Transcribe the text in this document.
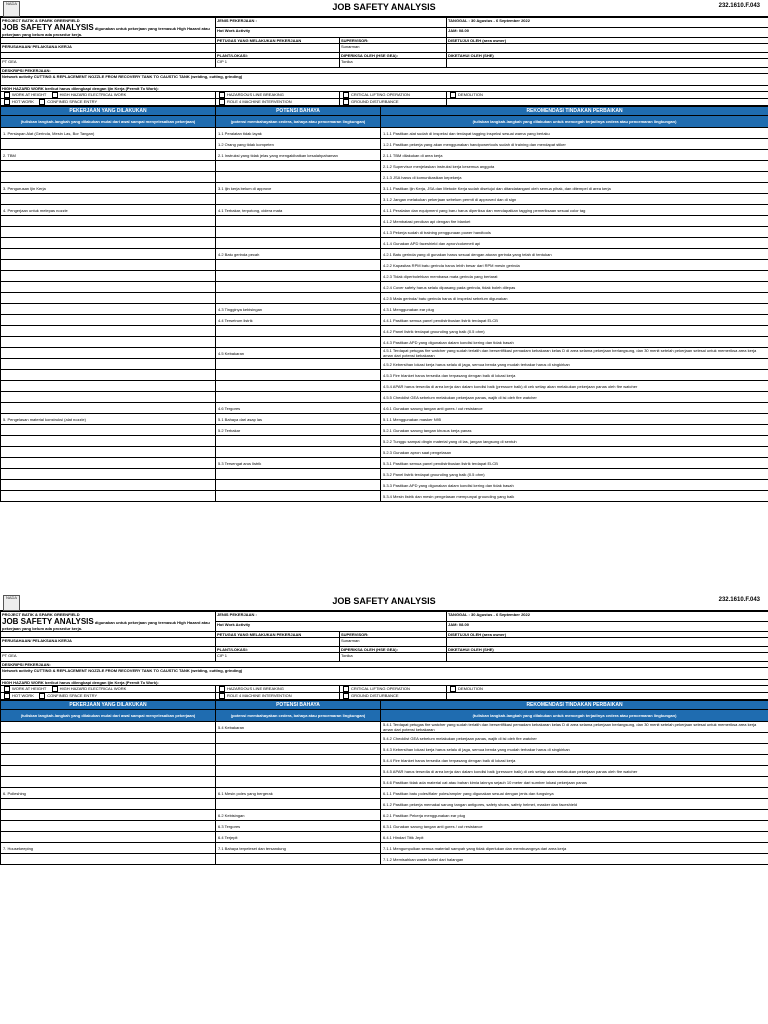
NADA	JOB SAFETY ANALYSIS	232.1610.F.043
PROJECT BATIK & SPARK GREENFIELD
JOB SAFETY ANALYSIS digunakan untuk pekerjaan yang termasuk High Hazard atau pekerjaan yang belum ada prosedur kerja.	JENIS PEKERJAAN :		TANGGAL : 30 Agustus - 6 September 2022
	Hot Work Activity		JAM: 08.00
	PETUGAS YANG MELAKUKAN PEKERJAAN	SUPERVISOR:	DISETUJUI OLEH (area owner)
PERUSAHAAN/ PELAKSANA KERJA		Sunarman	
	PLANT/LOKASI:	DIPERIKSA OLEH (HSE GEA):	DIKETAHUI OLEH (SHE)
PT GEA	CIP 1	Tonika	
DESKRIPSI PEKERJAAN:			
Network activity CUTTING & REPLACEMENT NOZZLE FROM RECOVERY TANK TO CAUSTIC TANK (welding, cutting, grinding)			
HIGH HAZARD WORK berikut harus dilengkapi dengan Ijin Kerja (Permit To Work):			
WORK AT HEIGHT HIGH HAZARD ELECTRICAL WORK	HAZARDOUS LINE BREAKING	CRITICAL LIFTING OPERATION	DEMOLITION
HOT WORK CONFINED SPACE ENTRY	ROLE 4 MACHINE INTERVENTION	GROUND DISTURBANCE	
PEKERJAAN YANG DILAKUKAN	POTENSI BAHAYA	REKOMENDASI TINDAKAN PERBAIKAN
(tuliskan langkah-langkah yang dilakukan mulai dari awal sampai menyelesaikan pekerjaan)	(potensi membahayakan cedera, bahaya atau pencemaran lingkungan)	(tuliskan langkah-langkah yang dilakukan untuk mencegah terjadinya cedera atau pencemaran lingkungan)
1. Persiapan Alat (Gerinda, Mesin Las, Bor Tangan)	1.1 Peralatan tidak layak	1.1.1 Pastikan alat sudah di inspeksi dan terdapat tagging inspeksi sesuai warna yang berlaku
	1.2 Orang yang tidak kompeten	1.2.1 Pastikan pekerja yang akan menggunakan handpowertools sudah di training dan mendapat stiker
2. TBM	2.1 Instruksi yang tidak jelas yang mengakibatkan kesalahpahaman	2.1.1 TBM dilakukan di area kerja
		2.1.2 Supervisor menjelaskan instruksi kerja kesemua anggota
		2.1.3 JSA harus di komunikasikan kepekerja
3. Pengurusan Ijin Kerja	3.1 Ijin kerja belum di approve	3.1.1 Pastikan Ijin Kerja, JSA dan Metode Kerja sudah disetujui dan ditandatangani oleh semua pihak, dan ditempel di area kerja
		3.1.2 Jangan melakukan pekerjaan sebelum permit di approved dan di sign
4. Pengerjaan untuk melepas nozzle	4.1 Terbakar, terpotong, cidera mata	4.1.1 Peralatan dan equipment yang baru harus diperiksa dan mendapatkan tagging pemeriksaan sesuai color tag
		4.1.2 Membatasi percikan api dengan fire blanket
		4.1.3 Pekerja sudah di training penggunaan power handtools
		4.1.4 Gunakan APD faceshield dan apron/cokemeti api
	4.2 Batu gerinda pecah	4.2.1 Batu gerinda yang di gunakan harus sesuai dengan aturan gerinda yang telah di tentukan
		4.2.2 Kapasitas RPM batu gerinda harus lebih besar dari RPM mesin gerinda
		4.2.3 Tidak diperbolehkan membawa mata gerinda yang bertarat
		4.2.4 Cover safety harus selalu dipasang pada gerinda, tidak boleh dilepas
		4.2.5 Mata gerinda/ batu gerinda harus di inspeksi sebelum digunakan
	4.3 Tingginya kebisingan	4.3.1 Menggunakan ear plug
	4.4 Tersetrum listrik	4.4.1 Pastikan semua panel pendistribusian listrik terdapat ELCB
		4.4.2 Panel listrik terdapat grounding yang baik (0.5 ohm)
		4.4.3 Pastikan APD yang digunakan dalam kondisi kering dan tidak basah
	4.5 Kebakaran	4.5.1 Terdapat petugas fire watcher yang sudah terlatih dan bersertifikasi pemadam kebakaran kelas D di area selama pekerjaan berlangsung, dan 30 menit setelah pekerjaan selesai untuk memeriksa area kerja aman dari potensi kebakaran
		4.5.2 Kebersihan lokasi kerja harus selalu di jaga, semua benda yang mudah terbakar harus di singkirkan
		4.5.3 Fire blanket harus tersedia dan terpasang dengan baik di lokasi kerja
		4.5.4 APAR harus tersedia di area kerja dan dalam kondisi baik (pressure baik) di cek setiap akan melakukan pekerjaan panas oleh fire watcher
		4.5.5 Checklist GEA sebelum melakukan pekerjaan panas, wajib di isi oleh fire watcher
	4.6 Tergores	4.6.1 Gunakan sarung tangan anti gores / cut resistance
5. Pengelasan material konstruksi (alat nozzle)	5.1 Bahaya dari asap las	5.1.1 Menggunakan masker N95
	5.2 Terbakar	5.2.1 Gunakan sarung tangan khusus kerja panas
		5.2.2 Tunggu sampai dingin material yang di las, jangan langsung di sentuh
		5.2.3 Gunakan apron saat pengelasan
	5.3 Tersengat arus listrik	5.3.1 Pastikan semua panel pendistribusian listrik terdapat ELCB
		5.3.2 Panel listrik terdapat grounding yang baik (0.5 ohm)
		5.3.3 Pastikan APD yang digunakan dalam kondisi kering dan tidak basah
		5.3.4 Mesin listrik dan mesin pengelasan mempunyai grounding yang baik
NADA	JOB SAFETY ANALYSIS	232.1610.F.043
PROJECT BATIK & SPARK GREENFIELD
JOB SAFETY ANALYSIS digunakan untuk pekerjaan yang termasuk High Hazard atau pekerjaan yang belum ada prosedur kerja.	JENIS PEKERJAAN :		TANGGAL : 30 Agustus - 6 September 2022
	Hot Work Activity		JAM: 08.00
	PETUGAS YANG MELAKUKAN PEKERJAAN	SUPERVISOR:	DISETUJUI OLEH (area owner)
PERUSAHAAN/ PELAKSANA KERJA		Sunarman	
	PLANT/LOKASI:	DIPERIKSA OLEH (HSE GEA):	DIKETAHUI OLEH (SHE)
PT GEA	CIP 1	Tonika	
DESKRIPSI PEKERJAAN:			
Network activity CUTTING & REPLACEMENT NOZZLE FROM RECOVERY TANK TO CAUSTIC TANK (welding, cutting, grinding)			
HIGH HAZARD WORK berikut harus dilengkapi dengan Ijin Kerja (Permit To Work):			
WORK AT HEIGHT HIGH HAZARD ELECTRICAL WORK	HAZARDOUS LINE BREAKING	CRITICAL LIFTING OPERATION	DEMOLITION
HOT WORK CONFINED SPACE ENTRY	ROLE 4 MACHINE INTERVENTION	GROUND DISTURBANCE	
PEKERJAAN YANG DILAKUKAN	POTENSI BAHAYA	REKOMENDASI TINDAKAN PERBAIKAN
(tuliskan langkah-langkah yang dilakukan mulai dari awal sampai menyelesaikan pekerjaan)	(potensi membahayakan cedera, bahaya atau pencemaran lingkungan)	(tuliskan langkah-langkah yang dilakukan untuk mencegah terjadinya cedera atau pencemaran lingkungan)
	5.4 Kebakaran	5.4.1 Terdapat petugas fire watcher yang sudah terlatih dan bersertifikasi pemadam kebakaran kelas D di area selama pekerjaan berlangsung, dan 30 menit setelah pekerjaan selesai untuk memeriksa area kerja aman dari potensi kebakaran
		5.4.2 Checklist GEA sebelum melakukan pekerjaan panas, wajib di isi oleh fire watcher
		5.4.3 Kebersihan lokasi kerja harus selalu di jaga, semua benda yang mudah terbakar harus di singkirkan
		5.4.4 Fire blanket harus tersedia dan terpasang dengan baik di lokasi kerja
		5.4.5 APAR harus tersedia di area kerja dan dalam kondisi baik (pressure baik) di cek setiap akan melakukan pekerjaan panas oleh fire watcher
		5.4.6 Pastikan tidak ada material cat atau bahan kimia lainnya sejauh 10 meter dari sumber lokasi pekerjaan panas
6. Polleshing	6.1 Mesin poles yang bergerak	6.1.1 Pastikan batu poles/flaler poles/ampler yang digunakan sesuai dengan jenis dan fungsinya
		6.1.2 Pastikan pekerja memakai sarung tangan antigores, safety shoes, safety helmet, masker dan faceshield
	6.2 Kebisingan	6.2.1 Pastikan Pekerja menggunakan ear plug
	6.3 Tergores	6.3.1 Gunakan sarung tangan anti gores / cut resistance
	6.4 Terjepit	6.4.1 Hindari Titik Jepit
7. Housekeeping	7.1 Bahaya terpeleset dan tersandung	7.1.1 Mengumpulkan semua material/ sampah yang tidak diperlukan dan membuangnya dari area kerja
		7.1.2 Memisahkan waste kabel dari halangan
